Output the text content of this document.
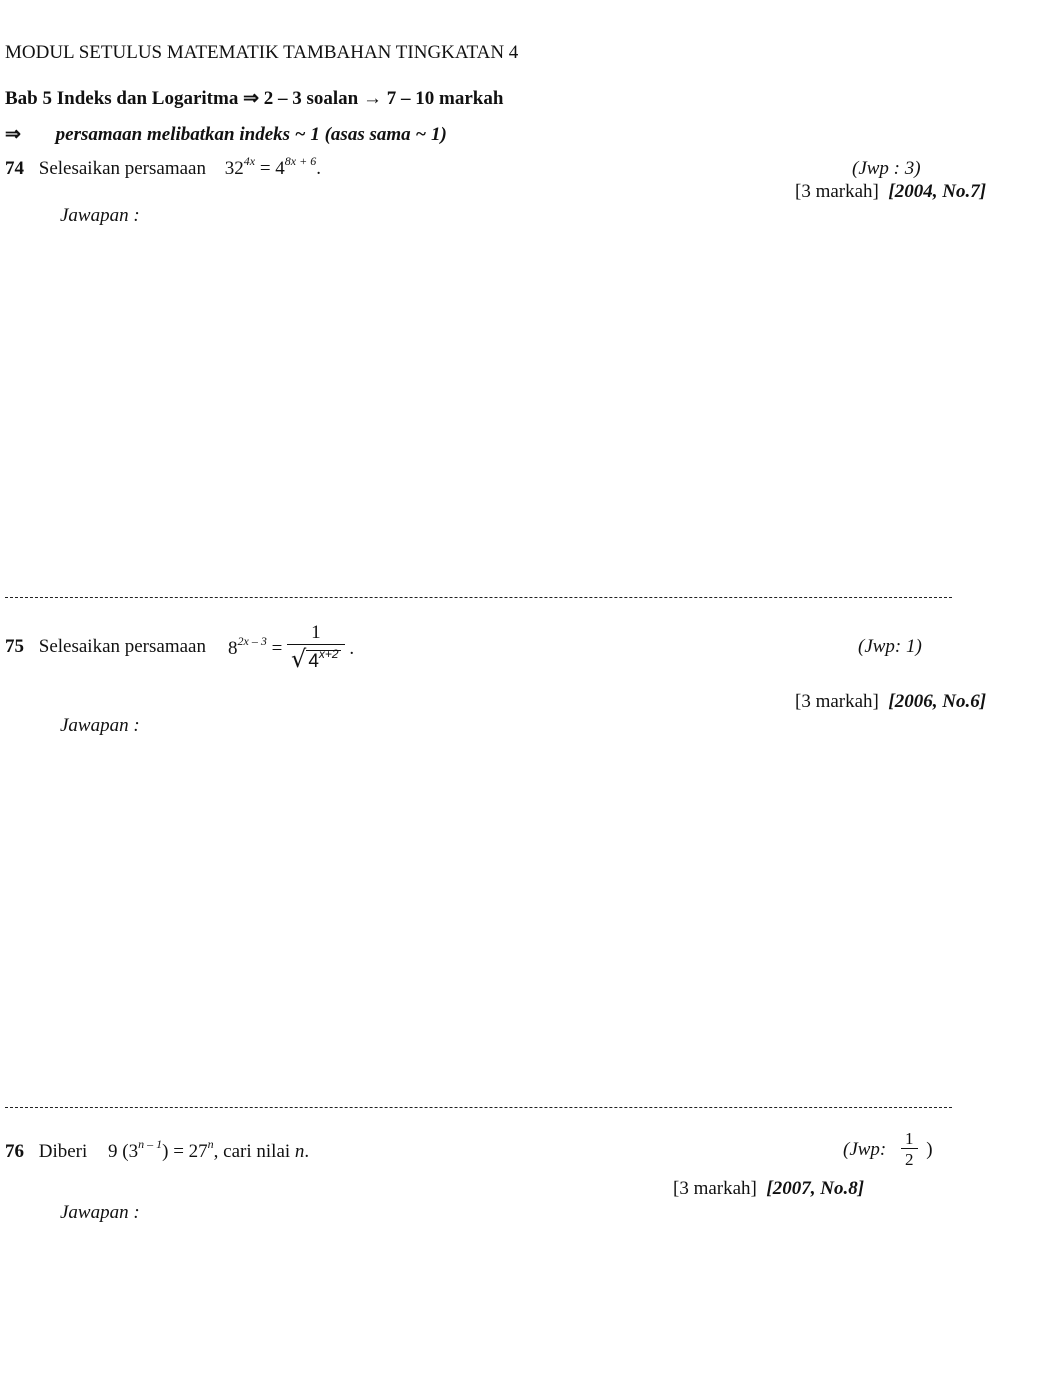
MODUL SETULUS MATEMATIK TAMBAHAN TINGKATAN 4
Bab 5 Indeks dan Logaritma ⇒ 2 – 3 soalan → 7 – 10 markah
⇒ persamaan melibatkan indeks ~ 1 (asas sama ~ 1)
74 Selesaikan persamaan $32^{4x} = 4^{8x + 6}$.	(Jwp : 3)
[3 markah] [2004, No.7]
Jawapan :
75 Selesaikan persamaan $8^{2x - 3} = \frac{1}{√ 4^{x+2}}$ .	(Jwp: 1)
[3 markah] [2006, No.6]
Jawapan :
76 Diberi 9 $(3^{n - 1}) = 27^n$, cari nilai n.	(Jwp: $\frac{1}{2}$ )
[3 markah] [2007, No.8]
Jawapan :
